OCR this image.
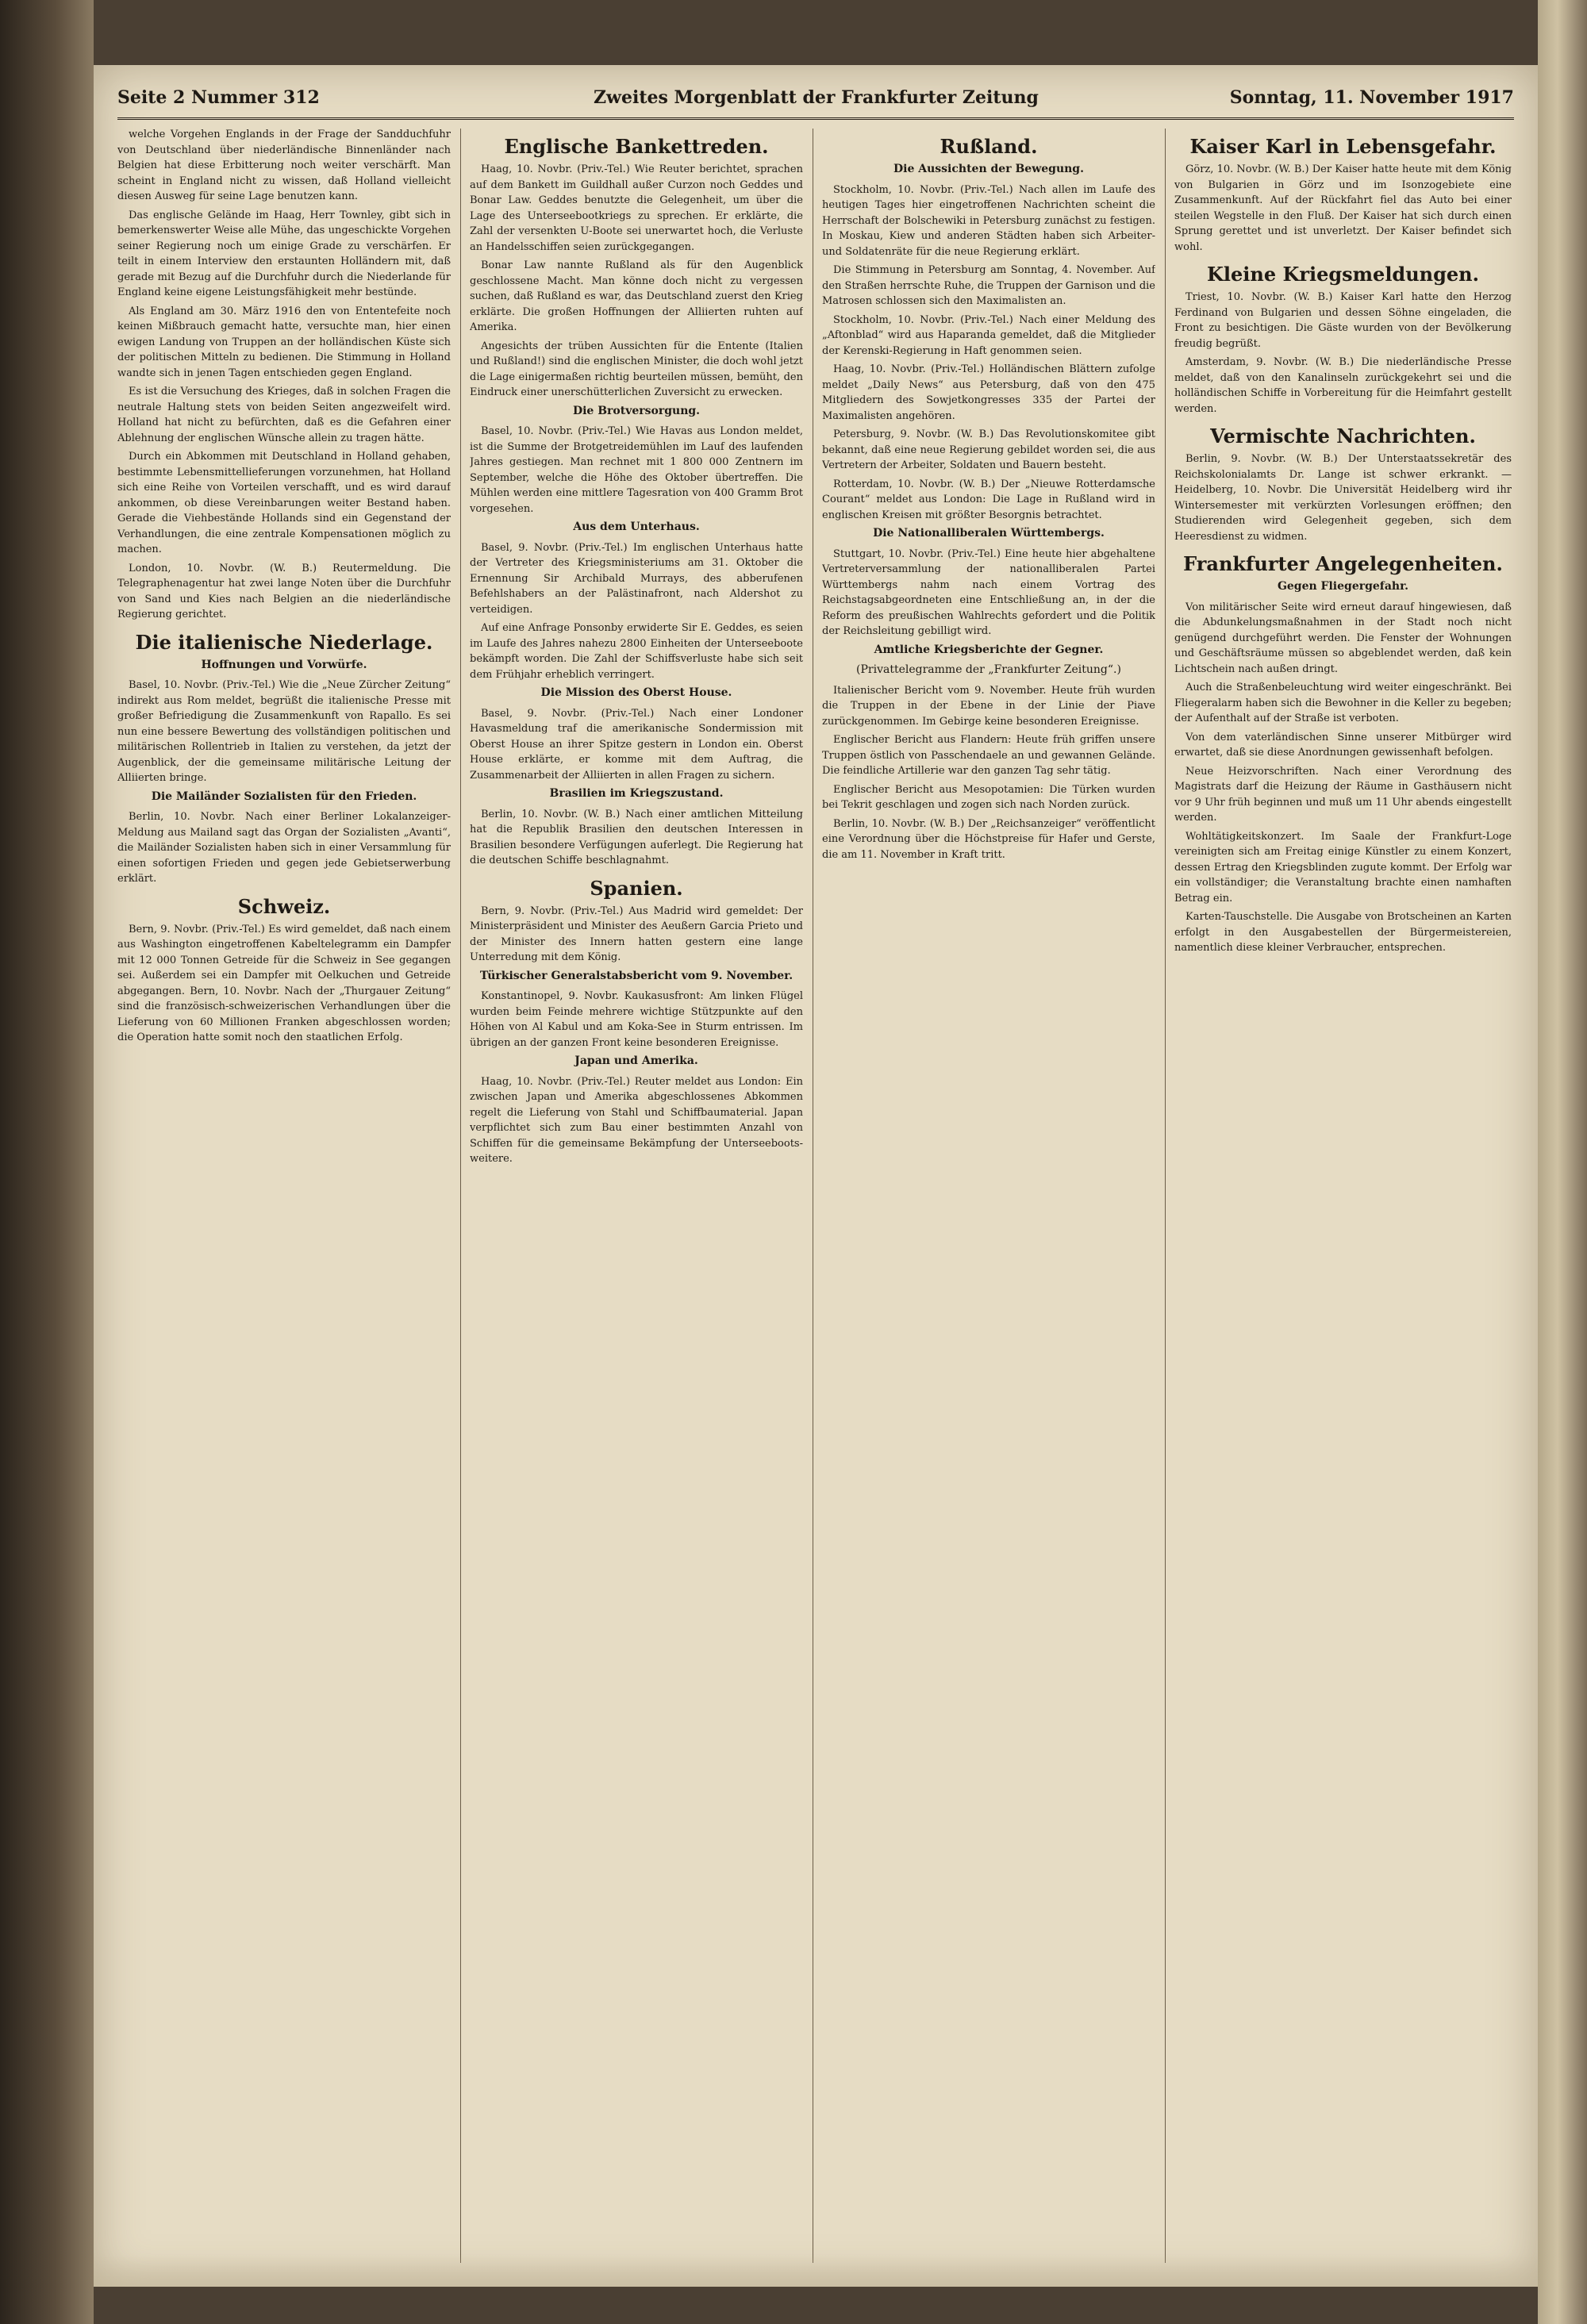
Seite 2 Nummer 312	Zweites Morgenblatt der Frankfurter Zeitung	Sonntag, 11. November 1917

welche Vorgehen Englands in der Frage der Sandduchfuhr von Deutschland über niederländische Binnenländer nach Belgien hat diese Erbitterung noch weiter verschärft. Man scheint in England nicht zu wissen, daß Holland vielleicht diesen Ausweg für seine Lage benutzen kann.

Das englische Gelände im Haag, Herr Townley, gibt sich in bemerkenswerter Weise alle Mühe, das ungeschickte Vorgehen seiner Regierung noch um einige Grade zu verschärfen. Er teilt in einem Interview den erstaunten Holländern mit, daß gerade mit Bezug auf die Durchfuhr durch die Niederlande für England keine eigene Leistungsfähigkeit mehr bestünde.

Als England am 30. März 1916 den von Ententefeite noch keinen Mißbrauch gemacht hatte, versuchte man, hier einen ewigen Landung von Truppen an der holländischen Küste sich der politischen Mitteln zu bedienen. Die Stimmung in Holland wandte sich in jenen Tagen entschieden gegen England.

Es ist die Versuchung des Krieges, daß in solchen Fragen die neutrale Haltung stets von beiden Seiten angezweifelt wird. Holland hat nicht zu befürchten, daß es die Gefahren einer Ablehnung der englischen Wünsche allein zu tragen hätte.

Durch ein Abkommen mit Deutschland in Holland gehaben, bestimmte Lebensmittellieferungen vorzunehmen, hat Holland sich eine Reihe von Vorteilen verschafft, und es wird darauf ankommen, ob diese Vereinbarungen weiter Bestand haben. Gerade die Viehbestände Hollands sind ein Gegenstand der Verhandlungen, die eine zentrale Kompensationen möglich zu machen.

London, 10. Novbr. (W. B.) Reutermeldung. Die Telegraphenagentur hat zwei lange Noten über die Durchfuhr von Sand und Kies nach Belgien an die niederländische Regierung gerichtet.

Die italienische Niederlage.
Hoffnungen und Vorwürfe.

Basel, 10. Novbr. (Priv.-Tel.) Wie die „Neue Zürcher Zeitung“ indirekt aus Rom meldet, begrüßt die italienische Presse mit großer Befriedigung die Zusammenkunft von Rapallo. Es sei nun eine bessere Bewertung des vollständigen politischen und militärischen Rollentrieb in Italien zu verstehen, da jetzt der Augenblick, der die gemeinsame militärische Leitung der Alliierten bringe.

Die Mailänder Sozialisten für den Frieden.

Berlin, 10. Novbr. Nach einer Berliner Lokalanzeiger-Meldung aus Mailand sagt das Organ der Sozialisten „Avanti“, die Mailänder Sozialisten haben sich in einer Versammlung für einen sofortigen Frieden und gegen jede Gebietserwerbung erklärt.

Schweiz.

Bern, 9. Novbr. (Priv.-Tel.) Es wird gemeldet, daß nach einem aus Washington eingetroffenen Kabeltelegramm ein Dampfer mit 12 000 Tonnen Getreide für die Schweiz in See gegangen sei. Außerdem sei ein Dampfer mit Oelkuchen und Getreide abgegangen. Bern, 10. Novbr. Nach der „Thurgauer Zeitung“ sind die französisch-schweizerischen Verhandlungen über die Lieferung von 60 Millionen Franken abgeschlossen worden; die Operation hatte somit noch den staatlichen Erfolg.

Englische Bankettreden.

Haag, 10. Novbr. (Priv.-Tel.) Wie Reuter berichtet, sprachen auf dem Bankett im Guildhall außer Curzon noch Geddes und Bonar Law. Geddes benutzte die Gelegenheit, um über die Lage des Unterseebootkriegs zu sprechen. Er erklärte, die Zahl der versenkten U-Boote sei unerwartet hoch, die Verluste an Handelsschiffen seien zurückgegangen.

Bonar Law nannte Rußland als für den Augenblick geschlossene Macht. Man könne doch nicht zu vergessen suchen, daß Rußland es war, das Deutschland zuerst den Krieg erklärte. Die großen Hoffnungen der Alliierten ruhten auf Amerika.

Angesichts der trüben Aussichten für die Entente (Italien und Rußland!) sind die englischen Minister, die doch wohl jetzt die Lage einigermaßen richtig beurteilen müssen, bemüht, den Eindruck einer unerschütterlichen Zuversicht zu erwecken.

Die Brotversorgung.

Basel, 10. Novbr. (Priv.-Tel.) Wie Havas aus London meldet, ist die Summe der Brotgetreidemühlen im Lauf des laufenden Jahres gestiegen. Man rechnet mit 1 800 000 Zentnern im September, welche die Höhe des Oktober übertreffen. Die Mühlen werden eine mittlere Tagesration von 400 Gramm Brot vorgesehen.

Aus dem Unterhaus.

Basel, 9. Novbr. (Priv.-Tel.) Im englischen Unterhaus hatte der Vertreter des Kriegsministeriums am 31. Oktober die Ernennung Sir Archibald Murrays, des abberufenen Befehlshabers an der Palästinafront, nach Aldershot zu verteidigen.

Auf eine Anfrage Ponsonby erwiderte Sir E. Geddes, es seien im Laufe des Jahres nahezu 2800 Einheiten der Unterseeboote bekämpft worden. Die Zahl der Schiffsverluste habe sich seit dem Frühjahr erheblich verringert.

Die Mission des Oberst House.

Basel, 9. Novbr. (Priv.-Tel.) Nach einer Londoner Havasmeldung traf die amerikanische Sondermission mit Oberst House an ihrer Spitze gestern in London ein. Oberst House erklärte, er komme mit dem Auftrag, die Zusammenarbeit der Alliierten in allen Fragen zu sichern.

Brasilien im Kriegszustand.

Berlin, 10. Novbr. (W. B.) Nach einer amtlichen Mitteilung hat die Republik Brasilien den deutschen Interessen in Brasilien besondere Verfügungen auferlegt. Die Regierung hat die deutschen Schiffe beschlagnahmt.

Spanien.

Bern, 9. Novbr. (Priv.-Tel.) Aus Madrid wird gemeldet: Der Ministerpräsident und Minister des Aeußern Garcia Prieto und der Minister des Innern hatten gestern eine lange Unterredung mit dem König.

Türkischer Generalstabsbericht vom 9. November.

Konstantinopel, 9. Novbr. Kaukasusfront: Am linken Flügel wurden beim Feinde mehrere wichtige Stützpunkte auf den Höhen von Al Kabul und am Koka-See in Sturm entrissen. Im übrigen an der ganzen Front keine besonderen Ereignisse.

Japan und Amerika.

Haag, 10. Novbr. (Priv.-Tel.) Reuter meldet aus London: Ein zwischen Japan und Amerika abgeschlossenes Abkommen regelt die Lieferung von Stahl und Schiffbaumaterial. Japan verpflichtet sich zum Bau einer bestimmten Anzahl von Schiffen für die gemeinsame Bekämpfung der Unterseeboots-weitere.

Rußland.
Die Aussichten der Bewegung.

Stockholm, 10. Novbr. (Priv.-Tel.) Nach allen im Laufe des heutigen Tages hier eingetroffenen Nachrichten scheint die Herrschaft der Bolschewiki in Petersburg zunächst zu festigen. In Moskau, Kiew und anderen Städten haben sich Arbeiter- und Soldatenräte für die neue Regierung erklärt.

Die Stimmung in Petersburg am Sonntag, 4. November. Auf den Straßen herrschte Ruhe, die Truppen der Garnison und die Matrosen schlossen sich den Maximalisten an.

Stockholm, 10. Novbr. (Priv.-Tel.) Nach einer Meldung des „Aftonblad“ wird aus Haparanda gemeldet, daß die Mitglieder der Kerenski-Regierung in Haft genommen seien.

Haag, 10. Novbr. (Priv.-Tel.) Holländischen Blättern zufolge meldet „Daily News“ aus Petersburg, daß von den 475 Mitgliedern des Sowjetkongresses 335 der Partei der Maximalisten angehören.

Petersburg, 9. Novbr. (W. B.) Das Revolutionskomitee gibt bekannt, daß eine neue Regierung gebildet worden sei, die aus Vertretern der Arbeiter, Soldaten und Bauern besteht.

Rotterdam, 10. Novbr. (W. B.) Der „Nieuwe Rotterdamsche Courant“ meldet aus London: Die Lage in Rußland wird in englischen Kreisen mit größter Besorgnis betrachtet.

Die Nationalliberalen Württembergs.

Stuttgart, 10. Novbr. (Priv.-Tel.) Eine heute hier abgehaltene Vertreterversammlung der nationalliberalen Partei Württembergs nahm nach einem Vortrag des Reichstagsabgeordneten eine Entschließung an, in der die Reform des preußischen Wahlrechts gefordert und die Politik der Reichsleitung gebilligt wird.

Amtliche Kriegsberichte der Gegner.
(Privattelegramme der „Frankfurter Zeitung“.)

Italienischer Bericht vom 9. November. Heute früh wurden die Truppen in der Ebene in der Linie der Piave zurückgenommen. Im Gebirge keine besonderen Ereignisse.

Englischer Bericht aus Flandern: Heute früh griffen unsere Truppen östlich von Passchendaele an und gewannen Gelände. Die feindliche Artillerie war den ganzen Tag sehr tätig.

Englischer Bericht aus Mesopotamien: Die Türken wurden bei Tekrit geschlagen und zogen sich nach Norden zurück.

Berlin, 10. Novbr. (W. B.) Der „Reichsanzeiger“ veröffentlicht eine Verordnung über die Höchstpreise für Hafer und Gerste, die am 11. November in Kraft tritt.

Kaiser Karl in Lebensgefahr.

Görz, 10. Novbr. (W. B.) Der Kaiser hatte heute mit dem König von Bulgarien in Görz und im Isonzogebiete eine Zusammenkunft. Auf der Rückfahrt fiel das Auto bei einer steilen Wegstelle in den Fluß. Der Kaiser hat sich durch einen Sprung gerettet und ist unverletzt. Der Kaiser befindet sich wohl.

Kleine Kriegsmeldungen.

Triest, 10. Novbr. (W. B.) Kaiser Karl hatte den Herzog Ferdinand von Bulgarien und dessen Söhne eingeladen, die Front zu besichtigen. Die Gäste wurden von der Bevölkerung freudig begrüßt.

Amsterdam, 9. Novbr. (W. B.) Die niederländische Presse meldet, daß von den Kanalinseln zurückgekehrt sei und die holländischen Schiffe in Vorbereitung für die Heimfahrt gestellt werden.

Vermischte Nachrichten.

Berlin, 9. Novbr. (W. B.) Der Unterstaatssekretär des Reichskolonialamts Dr. Lange ist schwer erkrankt. — Heidelberg, 10. Novbr. Die Universität Heidelberg wird ihr Wintersemester mit verkürzten Vorlesungen eröffnen; den Studierenden wird Gelegenheit gegeben, sich dem Heeresdienst zu widmen.

Frankfurter Angelegenheiten.
Gegen Fliegergefahr.

Von militärischer Seite wird erneut darauf hingewiesen, daß die Abdunkelungsmaßnahmen in der Stadt noch nicht genügend durchgeführt werden. Die Fenster der Wohnungen und Geschäftsräume müssen so abgeblendet werden, daß kein Lichtschein nach außen dringt.

Auch die Straßenbeleuchtung wird weiter eingeschränkt. Bei Fliegeralarm haben sich die Bewohner in die Keller zu begeben; der Aufenthalt auf der Straße ist verboten.

Von dem vaterländischen Sinne unserer Mitbürger wird erwartet, daß sie diese Anordnungen gewissenhaft befolgen.

Neue Heizvorschriften. Nach einer Verordnung des Magistrats darf die Heizung der Räume in Gasthäusern nicht vor 9 Uhr früh beginnen und muß um 11 Uhr abends eingestellt werden.

Wohltätigkeitskonzert. Im Saale der Frankfurt-Loge vereinigten sich am Freitag einige Künstler zu einem Konzert, dessen Ertrag den Kriegsblinden zugute kommt. Der Erfolg war ein vollständiger; die Veranstaltung brachte einen namhaften Betrag ein.

Karten-Tauschstelle. Die Ausgabe von Brotscheinen an Karten erfolgt in den Ausgabestellen der Bürgermeistereien, namentlich diese kleiner Verbraucher, entsprechen.
